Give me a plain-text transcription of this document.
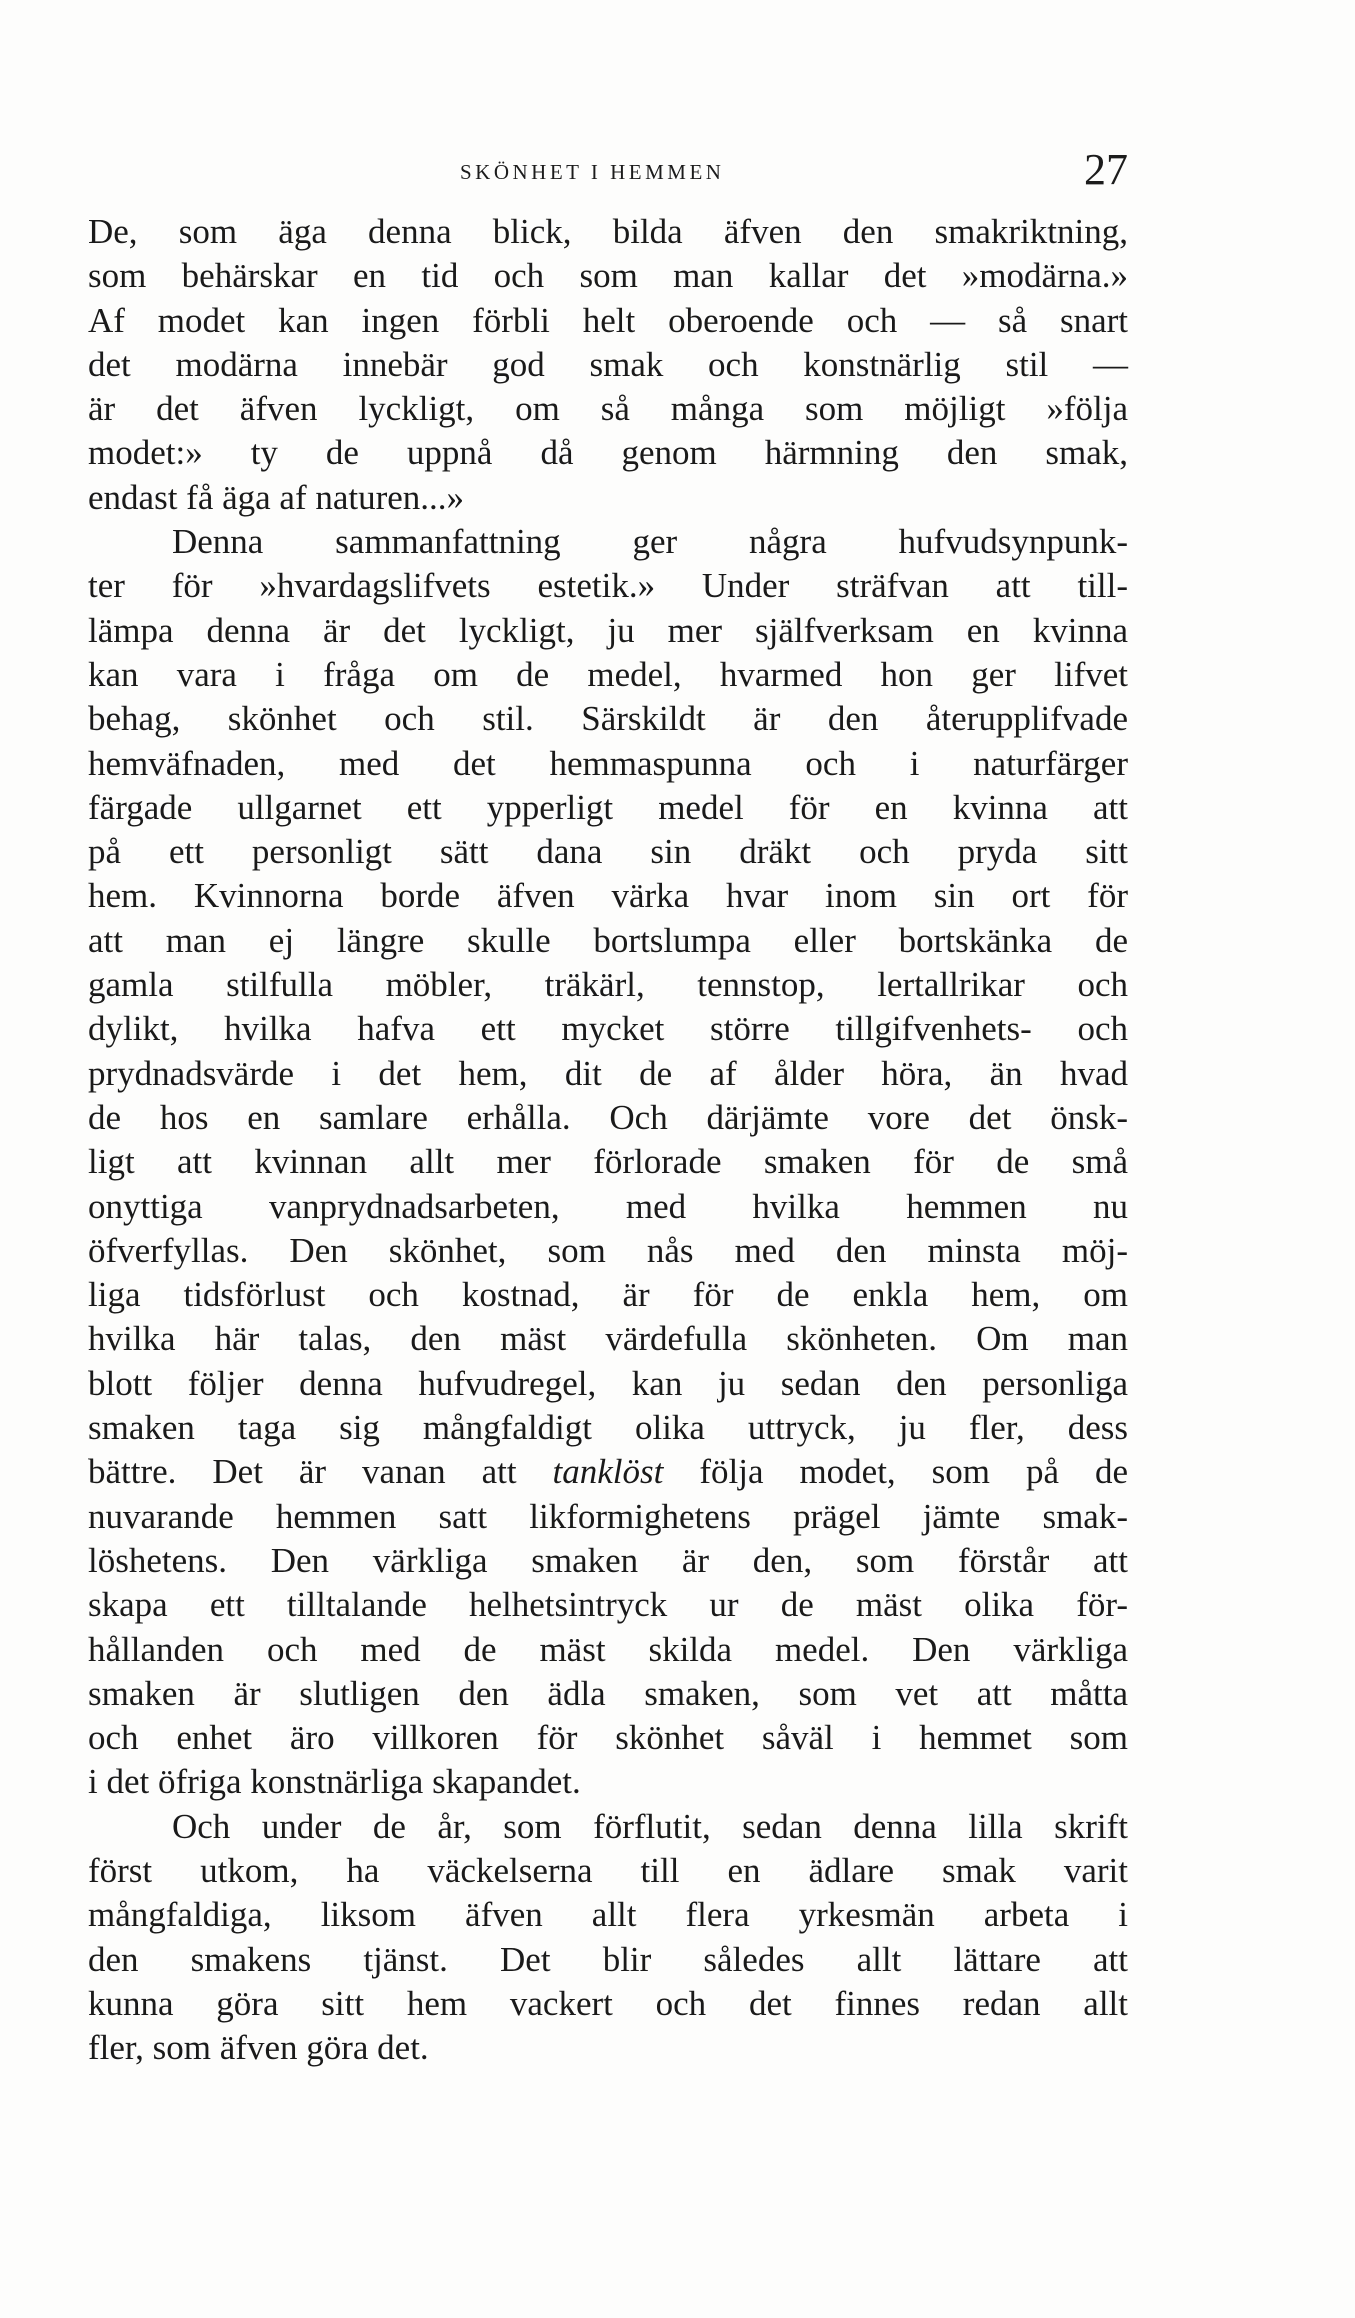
SKÖNHET I HEMMEN	27
De, som äga denna blick, bilda äfven den smakriktning,
som behärskar en tid och som man kallar det »modärna.»
Af modet kan ingen förbli helt oberoende och — så snart
det modärna innebär god smak och konstnärlig stil —
är det äfven lyckligt, om så många som möjligt »följa
modet:» ty de uppnå då genom härmning den smak,
endast få äga af naturen...»
Denna sammanfattning ger några hufvudsynpunk-
ter för »hvardagslifvets estetik.» Under sträfvan att till-
lämpa denna är det lyckligt, ju mer själfverksam en kvinna
kan vara i fråga om de medel, hvarmed hon ger lifvet
behag, skönhet och stil. Särskildt är den återupplifvade
hemväfnaden, med det hemmaspunna och i naturfärger
färgade ullgarnet ett ypperligt medel för en kvinna att
på ett personligt sätt dana sin dräkt och pryda sitt
hem. Kvinnorna borde äfven värka hvar inom sin ort för
att man ej längre skulle bortslumpa eller bortskänka de
gamla stilfulla möbler, träkärl, tennstop, lertallrikar och
dylikt, hvilka hafva ett mycket större tillgifvenhets- och
prydnadsvärde i det hem, dit de af ålder höra, än hvad
de hos en samlare erhålla. Och därjämte vore det önsk-
ligt att kvinnan allt mer förlorade smaken för de små
onyttiga vanprydnadsarbeten, med hvilka hemmen nu
öfverfyllas. Den skönhet, som nås med den minsta möj-
liga tidsförlust och kostnad, är för de enkla hem, om
hvilka här talas, den mäst värdefulla skönheten. Om man
blott följer denna hufvudregel, kan ju sedan den personliga
smaken taga sig mångfaldigt olika uttryck, ju fler, dess
bättre. Det är vanan att tanklöst följa modet, som på de
nuvarande hemmen satt likformighetens prägel jämte smak-
löshetens. Den värkliga smaken är den, som förstår att
skapa ett tilltalande helhetsintryck ur de mäst olika för-
hållanden och med de mäst skilda medel. Den värkliga
smaken är slutligen den ädla smaken, som vet att måtta
och enhet äro villkoren för skönhet såväl i hemmet som
i det öfriga konstnärliga skapandet.
Och under de år, som förflutit, sedan denna lilla skrift
först utkom, ha väckelserna till en ädlare smak varit
mångfaldiga, liksom äfven allt flera yrkesmän arbeta i
den smakens tjänst. Det blir således allt lättare att
kunna göra sitt hem vackert och det finnes redan allt
fler, som äfven göra det.
